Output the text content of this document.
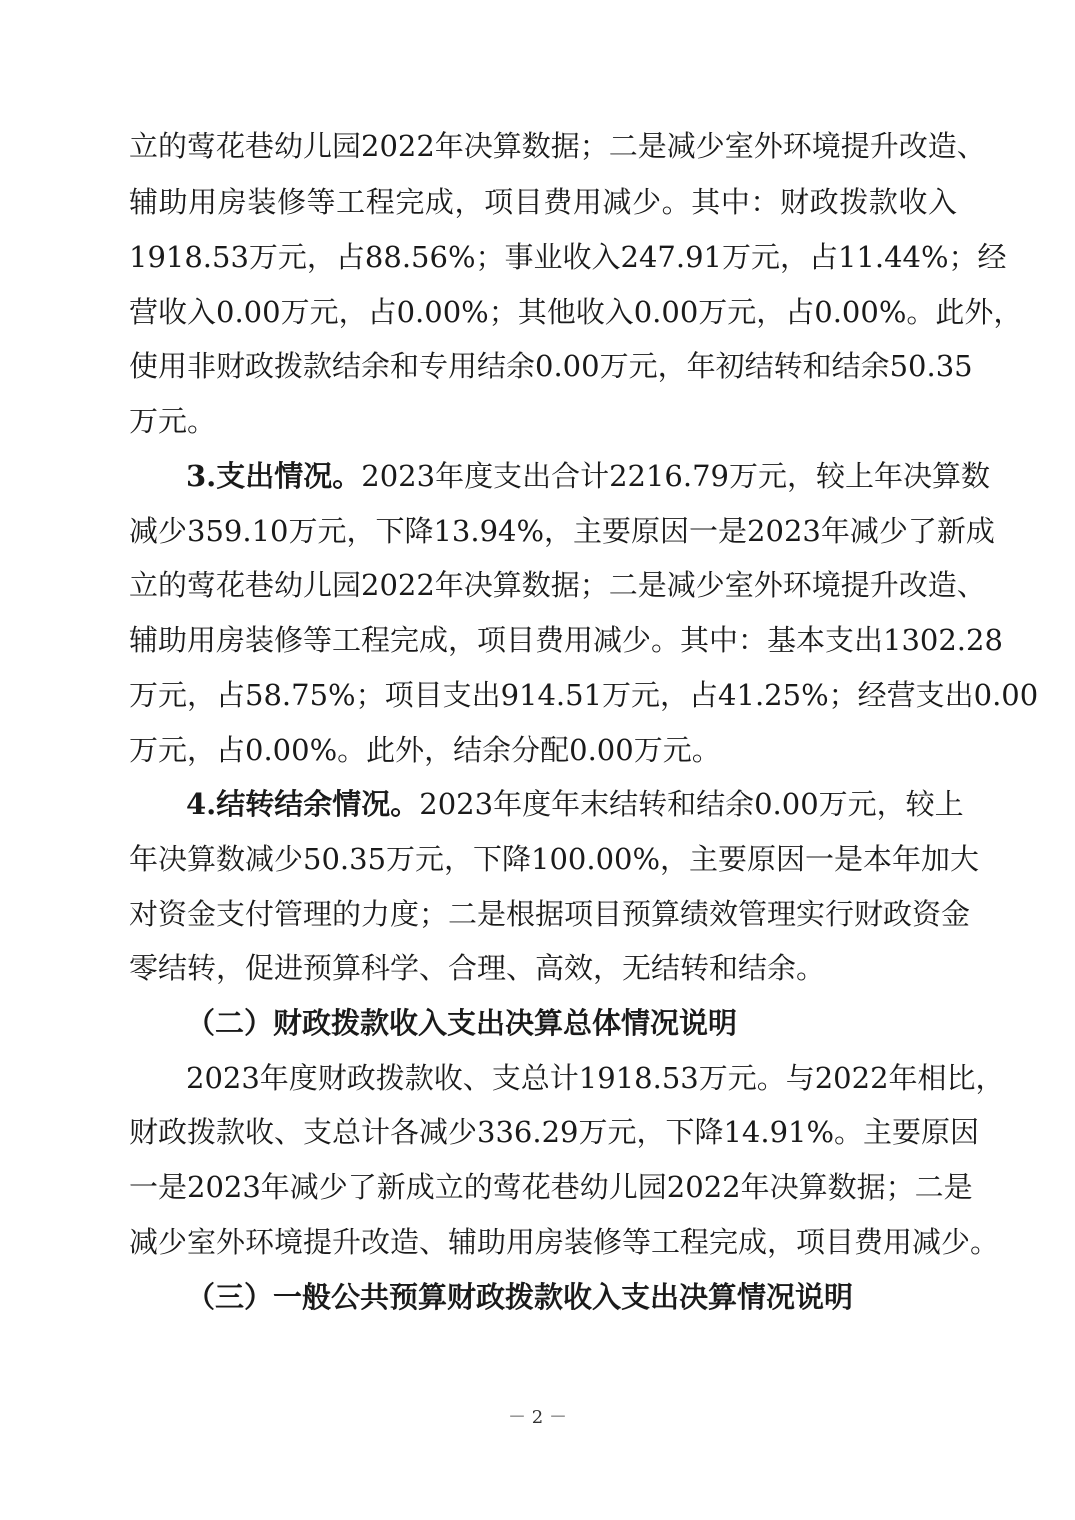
立的莺花巷幼儿园2022年决算数据；二是减少室外环境提升改造、
辅助用房装修等工程完成，项目费用减少。其中：财政拨款收入
1918.53万元，占88.56%；事业收入247.91万元，占11.44%；经
营收入0.00万元，占0.00%；其他收入0.00万元，占0.00%。此外，
使用非财政拨款结余和专用结余0.00万元，年初结转和结余50.35
万元。
3.支出情况。2023年度支出合计2216.79万元，较上年决算数
减少359.10万元，下降13.94%，主要原因一是2023年减少了新成
立的莺花巷幼儿园2022年决算数据；二是减少室外环境提升改造、
辅助用房装修等工程完成，项目费用减少。其中：基本支出1302.28
万元，占58.75%；项目支出914.51万元，占41.25%；经营支出0.00
万元，占0.00%。此外，结余分配0.00万元。
4.结转结余情况。2023年度年末结转和结余0.00万元，较上
年决算数减少50.35万元，下降100.00%，主要原因一是本年加大
对资金支付管理的力度；二是根据项目预算绩效管理实行财政资金
零结转，促进预算科学、合理、高效，无结转和结余。
（二）财政拨款收入支出决算总体情况说明
2023年度财政拨款收、支总计1918.53万元。与2022年相比，
财政拨款收、支总计各减少336.29万元，下降14.91%。主要原因
一是2023年减少了新成立的莺花巷幼儿园2022年决算数据；二是
减少室外环境提升改造、辅助用房装修等工程完成，项目费用减少。
（三）一般公共预算财政拨款收入支出决算情况说明
－ 2 －
